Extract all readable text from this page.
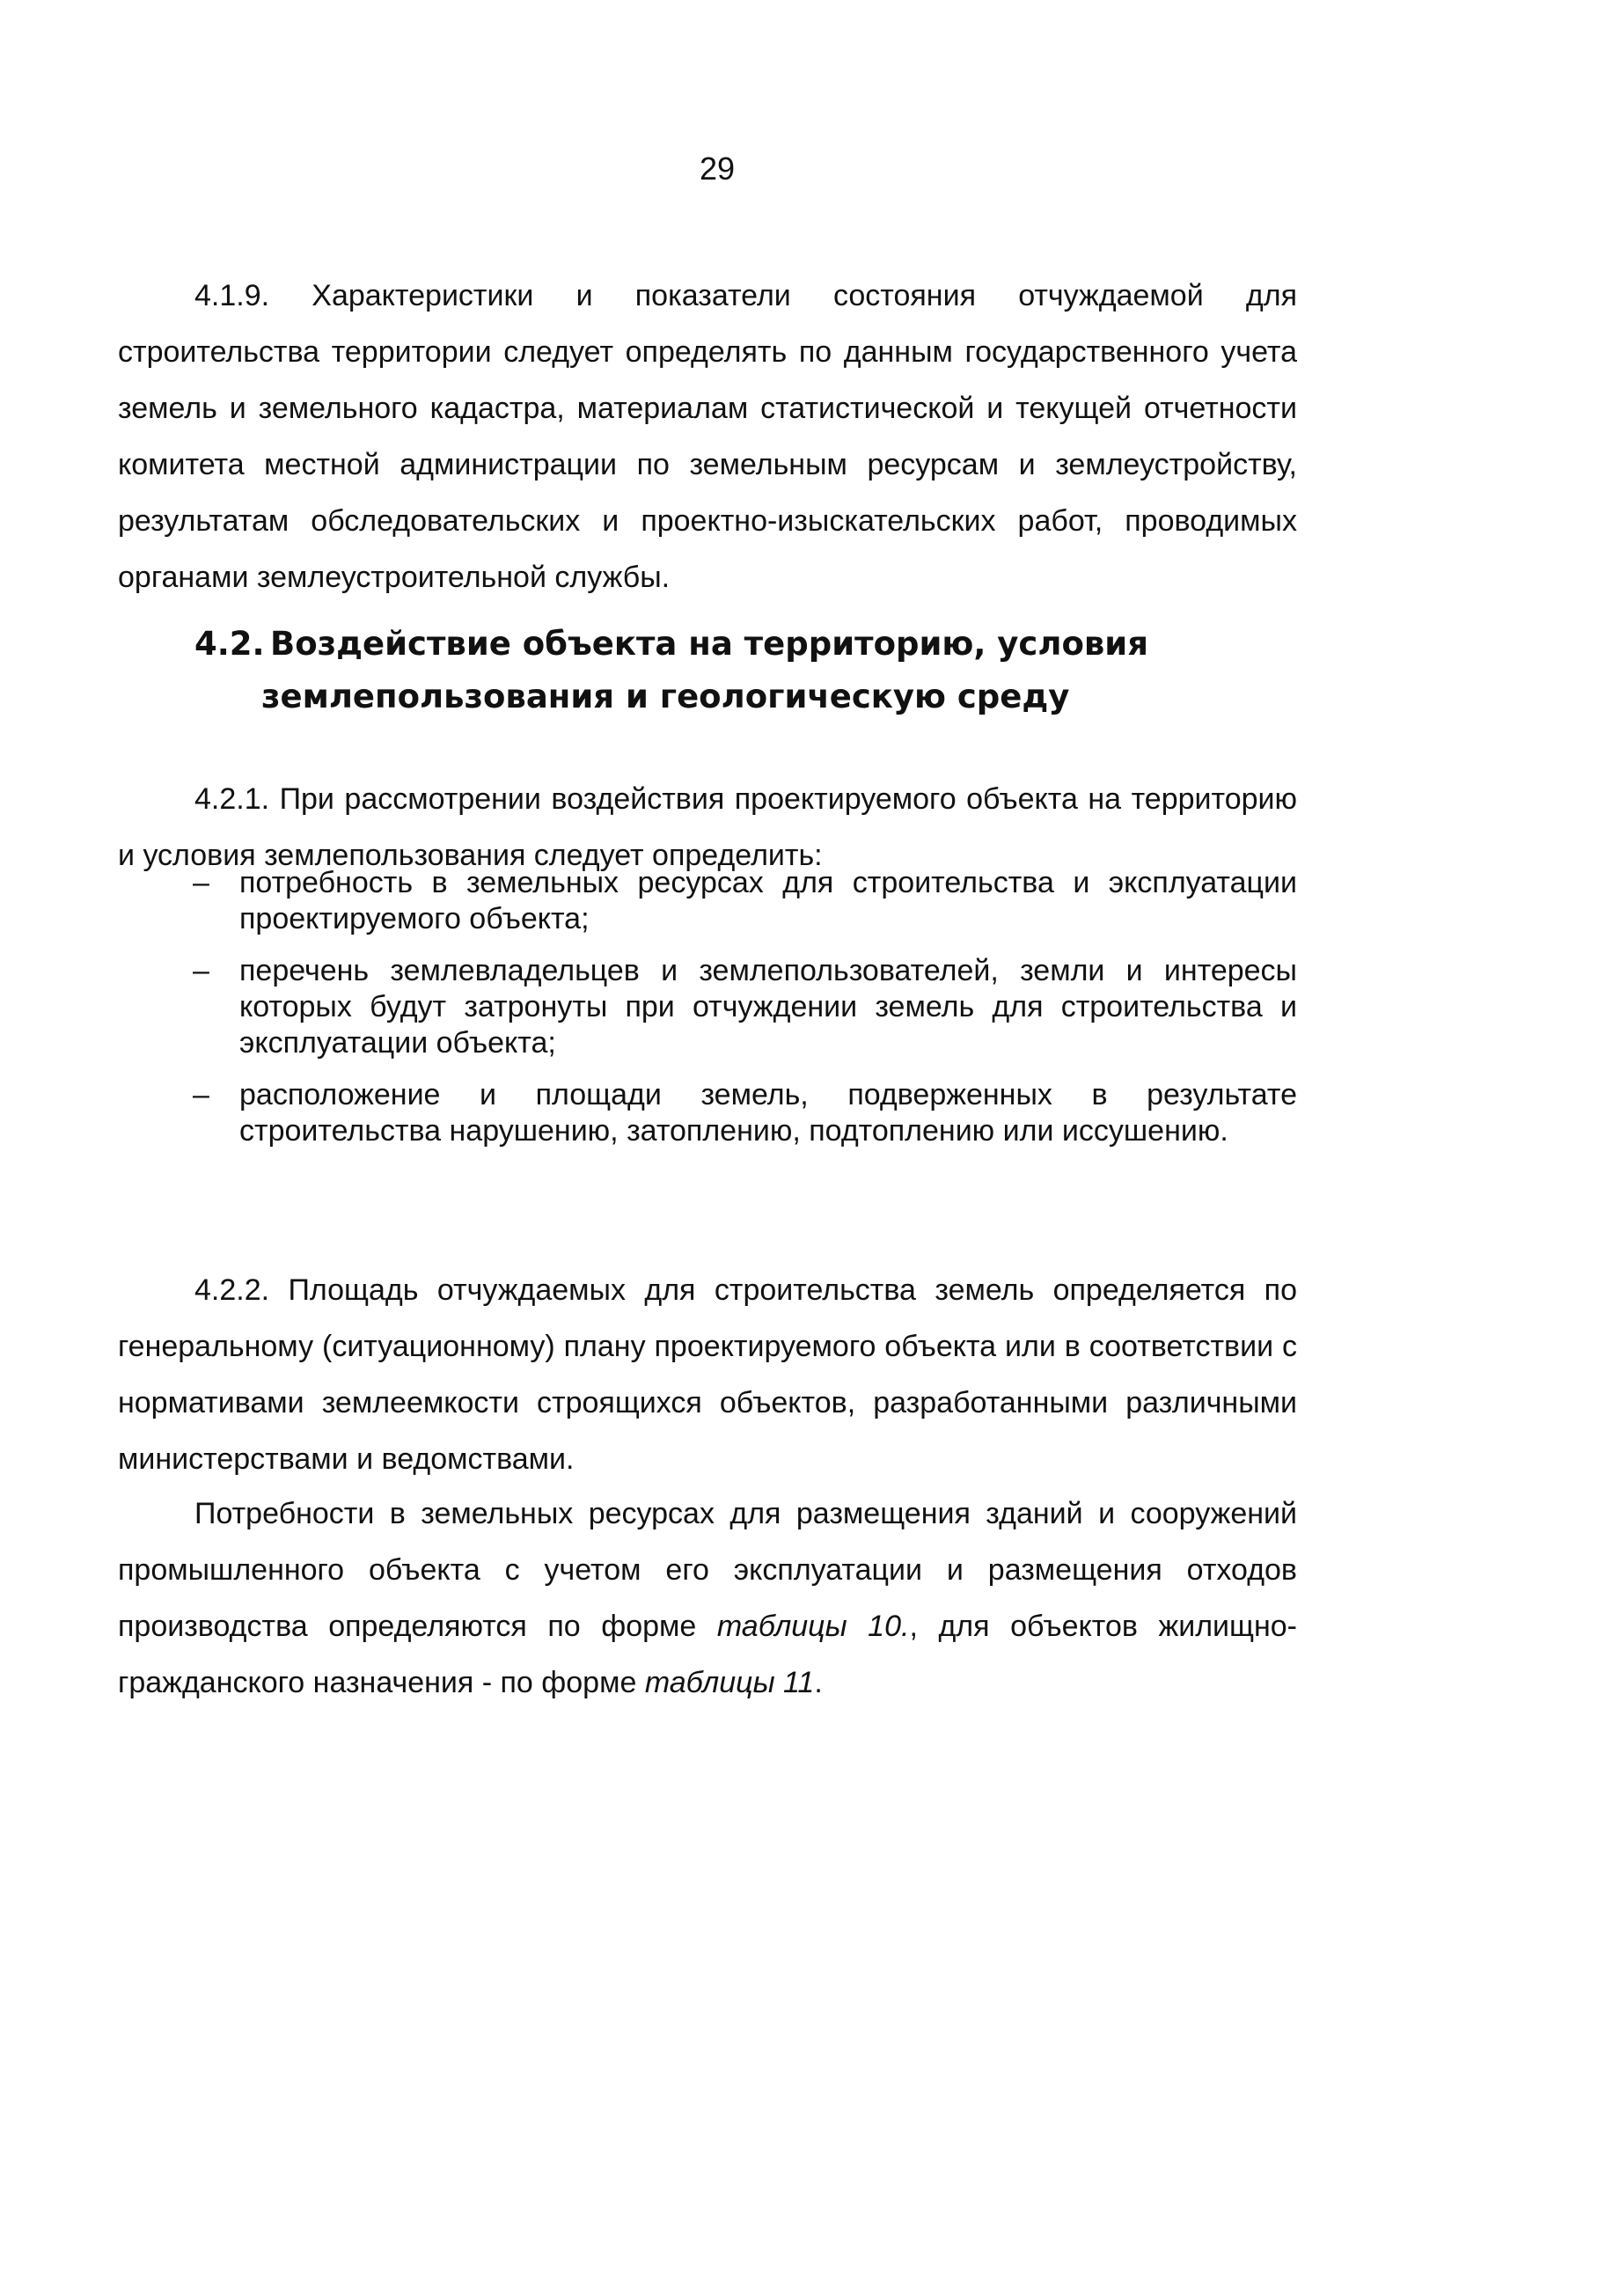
29

4.1.9. Характеристики и показатели состояния отчуждаемой для строительства территории следует определять по данным государственного учета земель и земельного кадастра, материалам статистической и текущей отчетности комитета местной администрации по земельным ресурсам и землеустройству, результатам обследовательских и проектно-изыскательских работ, проводимых органами землеустроительной службы.

4.2. Воздействие объекта на территорию, условия
землепользования и геологическую среду

4.2.1. При рассмотрении воздействия проектируемого объекта на территорию и условия землепользования следует определить:

– потребность в земельных ресурсах для строительства и эксплуатации проектируемого объекта;
– перечень землевладельцев и землепользователей, земли и интересы которых будут затронуты при отчуждении земель для строительства и эксплуатации объекта;
– расположение и площади земель, подверженных в результате строительства нарушению, затоплению, подтоплению или иссушению.

4.2.2. Площадь отчуждаемых для строительства земель определяется по генеральному (ситуационному) плану проектируемого объекта или в соответствии с нормативами землеемкости строящихся объектов, разработанными различными министерствами и ведомствами.

Потребности в земельных ресурсах для размещения зданий и сооружений промышленного объекта с учетом его эксплуатации и размещения отходов производства определяются по форме таблицы 10., для объектов жилищно-гражданского назначения - по форме таблицы 11.
